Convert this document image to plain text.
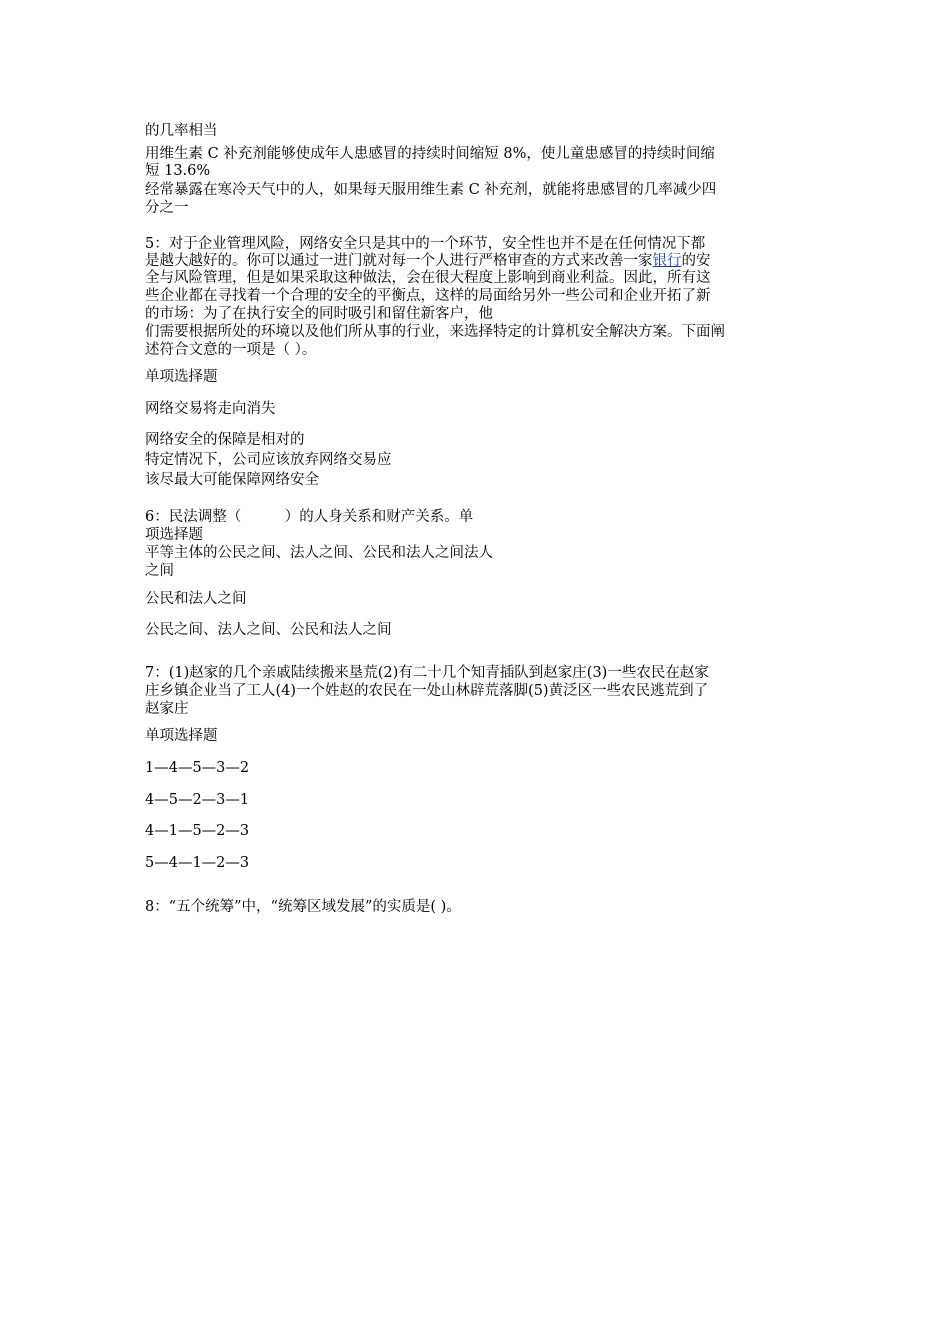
的几率相当
用维生素 C 补充剂能够使成年人患感冒的持续时间缩短 8%，使儿童患感冒的持续时间缩
短 13.6%
经常暴露在寒冷天气中的人，如果每天服用维生素 C 补充剂，就能将患感冒的几率减少四
分之一
5：对于企业管理风险，网络安全只是其中的一个环节，安全性也并不是在任何情况下都
是越大越好的。你可以通过一进门就对每一个人进行严格审查的方式来改善一家银行的安
全与风险管理，但是如果采取这种做法，会在很大程度上影响到商业利益。因此，所有这
些企业都在寻找着一个合理的安全的平衡点，这样的局面给另外一些公司和企业开拓了新
的市场：为了在执行安全的同时吸引和留住新客户，他
们需要根据所处的环境以及他们所从事的行业，来选择特定的计算机安全解决方案。下面阐
述符合文意的一项是（ ）。
单项选择题
网络交易将走向消失
网络安全的保障是相对的
特定情况下，公司应该放弃网络交易应
该尽最大可能保障网络安全
6：民法调整（　　　）的人身关系和财产关系。单
项选择题
平等主体的公民之间、法人之间、公民和法人之间法人
之间
公民和法人之间
公民之间、法人之间、公民和法人之间
7：(1)赵家的几个亲戚陆续搬来垦荒(2)有二十几个知青插队到赵家庄(3)一些农民在赵家
庄乡镇企业当了工人(4)一个姓赵的农民在一处山林辟荒落脚(5)黄泛区一些农民逃荒到了
赵家庄
单项选择题
1—4—5—3—2
4—5—2—3—1
4—1—5—2—3
5—4—1—2—3
8：“五个统筹”中，“统筹区域发展”的实质是( )。
